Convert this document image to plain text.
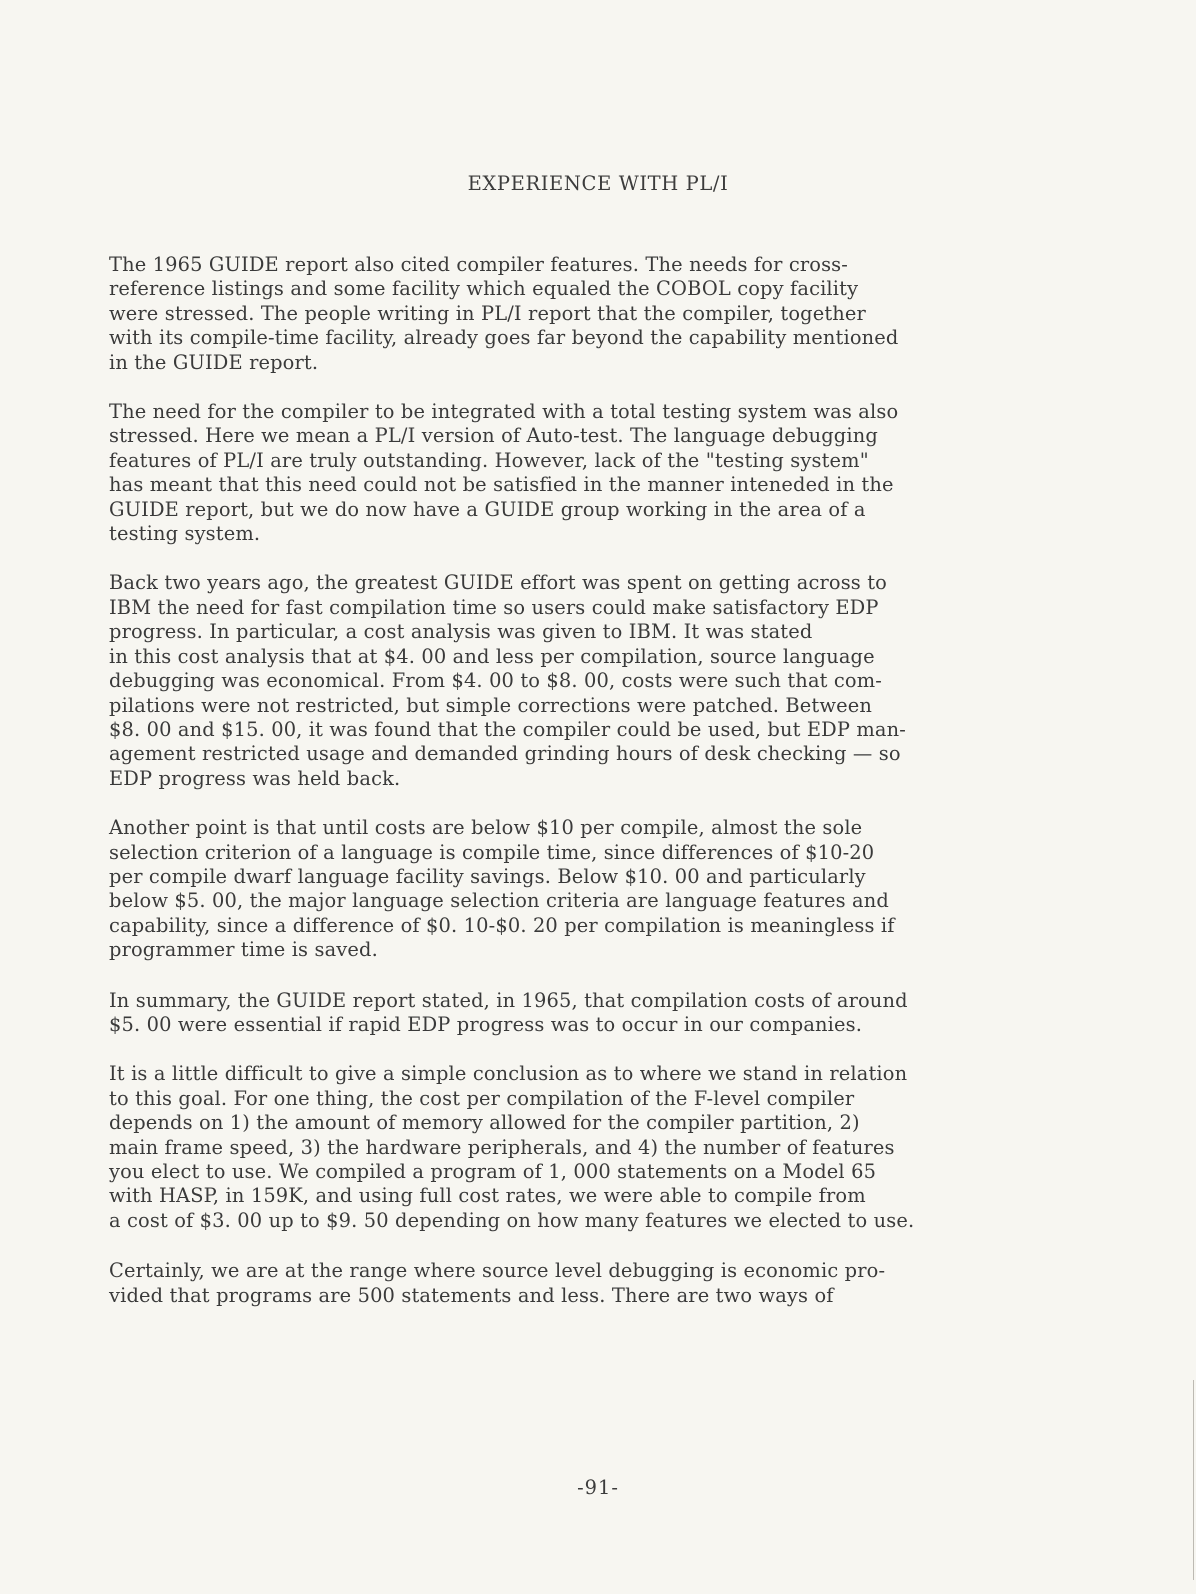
EXPERIENCE WITH PL/I

The 1965 GUIDE report also cited compiler features. The needs for cross-
reference listings and some facility which equaled the COBOL copy facility
were stressed. The people writing in PL/I report that the compiler, together
with its compile-time facility, already goes far beyond the capability mentioned
in the GUIDE report.

The need for the compiler to be integrated with a total testing system was also
stressed. Here we mean a PL/I version of Auto-test. The language debugging
features of PL/I are truly outstanding. However, lack of the "testing system"
has meant that this need could not be satisfied in the manner inteneded in the
GUIDE report, but we do now have a GUIDE group working in the area of a
testing system.

Back two years ago, the greatest GUIDE effort was spent on getting across to
IBM the need for fast compilation time so users could make satisfactory EDP
progress. In particular, a cost analysis was given to IBM. It was stated
in this cost analysis that at $4. 00 and less per compilation, source language
debugging was economical. From $4. 00 to $8. 00, costs were such that com-
pilations were not restricted, but simple corrections were patched. Between
$8. 00 and $15. 00, it was found that the compiler could be used, but EDP man-
agement restricted usage and demanded grinding hours of desk checking — so
EDP progress was held back.

Another point is that until costs are below $10 per compile, almost the sole
selection criterion of a language is compile time, since differences of $10-20
per compile dwarf language facility savings. Below $10. 00 and particularly
below $5. 00, the major language selection criteria are language features and
capability, since a difference of $0. 10-$0. 20 per compilation is meaningless if
programmer time is saved.

In summary, the GUIDE report stated, in 1965, that compilation costs of around
$5. 00 were essential if rapid EDP progress was to occur in our companies.

It is a little difficult to give a simple conclusion as to where we stand in relation
to this goal. For one thing, the cost per compilation of the F-level compiler
depends on 1) the amount of memory allowed for the compiler partition, 2)
main frame speed, 3) the hardware peripherals, and 4) the number of features
you elect to use. We compiled a program of 1, 000 statements on a Model 65
with HASP, in 159K, and using full cost rates, we were able to compile from
a cost of $3. 00 up to $9. 50 depending on how many features we elected to use.

Certainly, we are at the range where source level debugging is economic pro-
vided that programs are 500 statements and less. There are two ways of

-91-
